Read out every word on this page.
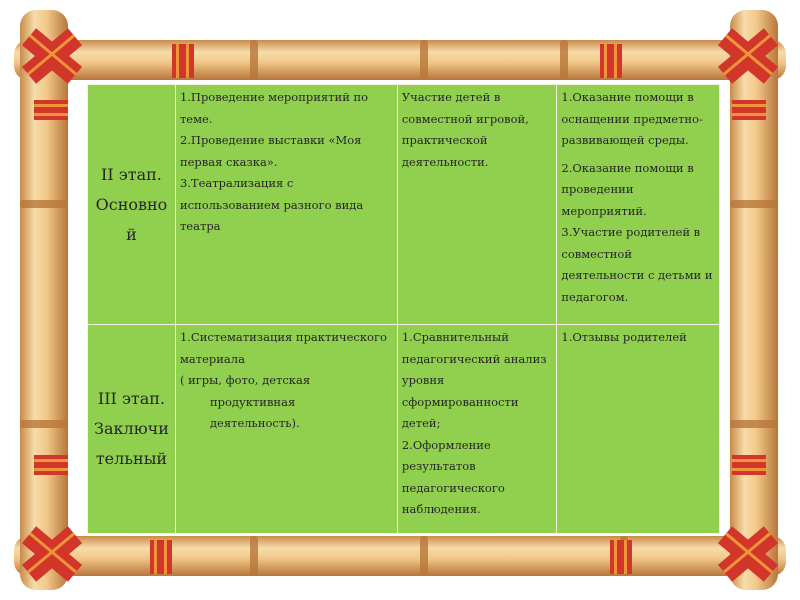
II этап.
Основно
й	1.Проведение мероприятий по теме.
2.Проведение выставки «Моя первая сказка».
3.Театрализация с использованием разного вида театра	Участие детей в совместной игровой, практической деятельности.	1.Оказание помощи в оснащении предметно-развивающей среды.
2.Оказание помощи в проведении мероприятий.
3.Участие родителей в совместной деятельности с детьми и педагогом.

III этап.
Заключи
тельный	1.Систематизация практического материала
( игры, фото, детская
продуктивная
деятельность).	1.Сравнительный педагогический анализ уровня сформированности детей;
2.Оформление результатов педагогического наблюдения.	1.Отзывы родителей
